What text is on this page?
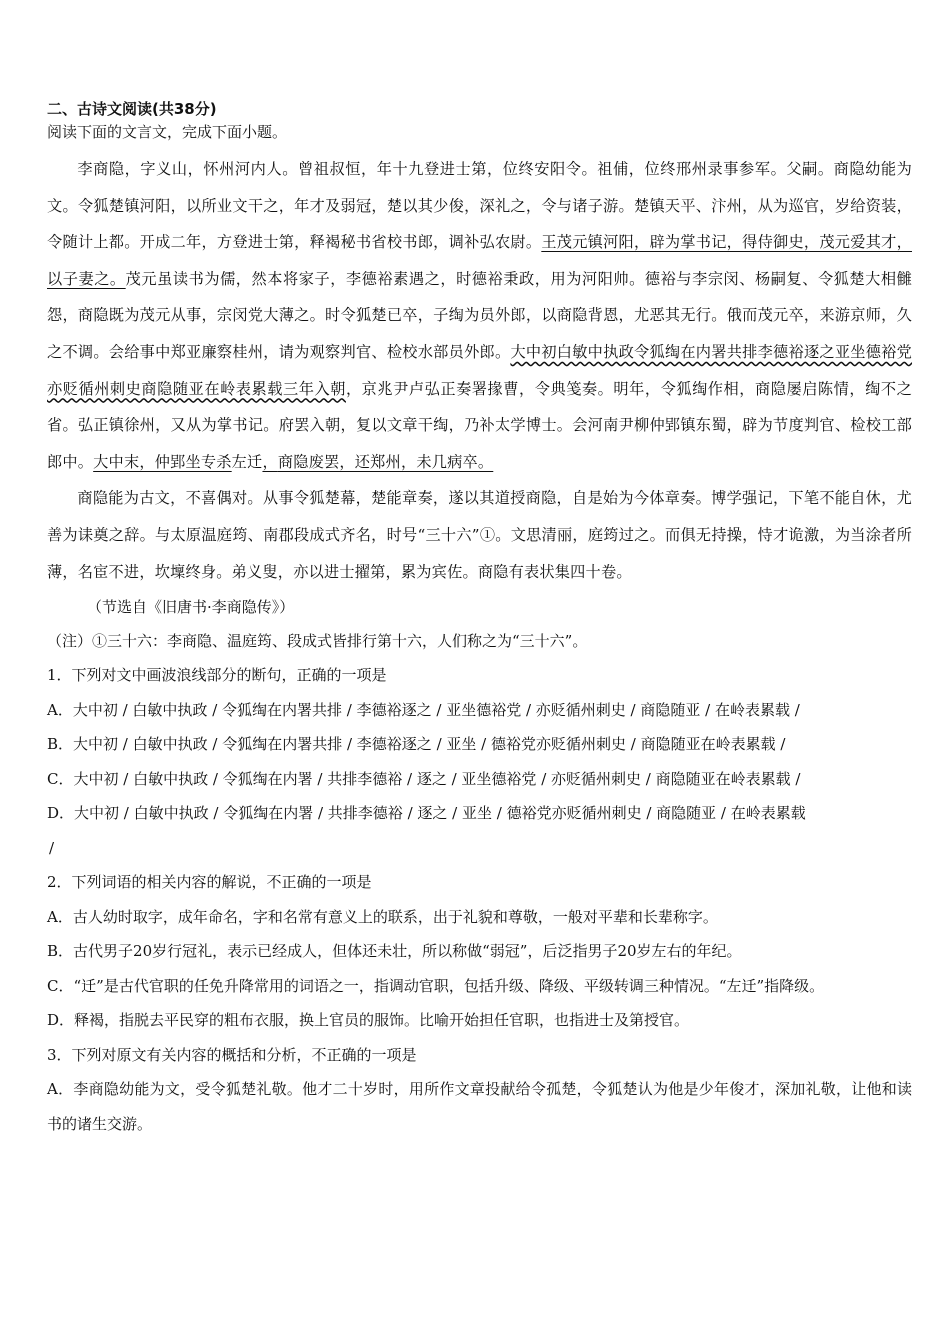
二、古诗文阅读(共38分)

阅读下面的文言文，完成下面小题。

李商隐，字义山，怀州河内人。曾祖叔恒，年十九登进士第，位终安阳令。祖俌，位终邢州录事参军。父嗣。商隐幼能为文。令狐楚镇河阳，以所业文干之，年才及弱冠，楚以其少俊，深礼之，令与诸子游。楚镇天平、汴州，从为巡官，岁给资装，令随计上都。开成二年，方登进士第，释褐秘书省校书郎，调补弘农尉。王茂元镇河阳，辟为掌书记，得侍御史，茂元爱其才，以子妻之。茂元虽读书为儒，然本将家子，李德裕素遇之，时德裕秉政，用为河阳帅。德裕与李宗闵、杨嗣复、令狐楚大相雠怨，商隐既为茂元从事，宗闵党大薄之。时令狐楚已卒，子绹为员外郎，以商隐背恩，尤恶其无行。俄而茂元卒，来游京师，久之不调。会给事中郑亚廉察桂州，请为观察判官、检校水部员外郎。大中初白敏中执政令狐绹在内署共排李德裕逐之亚坐德裕党亦贬循州刺史商隐随亚在岭表累载三年入朝，京兆尹卢弘正奏署掾曹，令典笺奏。明年，令狐绹作相，商隐屡启陈情，绹不之省。弘正镇徐州，又从为掌书记。府罢入朝，复以文章干绹，乃补太学博士。会河南尹柳仲郢镇东蜀，辟为节度判官、检校工部郎中。大中末，仲郢坐专杀左迁，商隐废罢，还郑州，未几病卒。

商隐能为古文，不喜偶对。从事令狐楚幕，楚能章奏，遂以其道授商隐，自是始为今体章奏。博学强记，下笔不能自休，尤善为诔奠之辞。与太原温庭筠、南郡段成式齐名，时号“三十六”①。文思清丽，庭筠过之。而俱无持操，恃才诡激，为当涂者所薄，名宦不进，坎壈终身。弟义叟，亦以进士擢第，累为宾佐。商隐有表状集四十卷。

（节选自《旧唐书·李商隐传》）

（注）①三十六：李商隐、温庭筠、段成式皆排行第十六，人们称之为“三十六”。

1．下列对文中画波浪线部分的断句，正确的一项是

A．大中初 / 白敏中执政 / 令狐绹在内署共排 / 李德裕逐之 / 亚坐德裕党 / 亦贬循州刺史 / 商隐随亚 / 在岭表累载 /

B．大中初 / 白敏中执政 / 令狐绹在内署共排 / 李德裕逐之 / 亚坐 / 德裕党亦贬循州刺史 / 商隐随亚在岭表累载 /

C．大中初 / 白敏中执政 / 令狐绹在内署 / 共排李德裕 / 逐之 / 亚坐德裕党 / 亦贬循州刺史 / 商隐随亚在岭表累载 /

D．大中初 / 白敏中执政 / 令狐绹在内署 / 共排李德裕 / 逐之 / 亚坐 / 德裕党亦贬循州刺史 / 商隐随亚 / 在岭表累载

/

2．下列词语的相关内容的解说，不正确的一项是

A．古人幼时取字，成年命名，字和名常有意义上的联系，出于礼貌和尊敬，一般对平辈和长辈称字。

B．古代男子20岁行冠礼，表示已经成人，但体还未壮，所以称做“弱冠”，后泛指男子20岁左右的年纪。

C．“迁”是古代官职的任免升降常用的词语之一，指调动官职，包括升级、降级、平级转调三种情况。“左迁”指降级。

D．释褐，指脱去平民穿的粗布衣服，换上官员的服饰。比喻开始担任官职，也指进士及第授官。

3．下列对原文有关内容的概括和分析，不正确的一项是

A．李商隐幼能为文，受令狐楚礼敬。他才二十岁时，用所作文章投献给令孤楚，令狐楚认为他是少年俊才，深加礼敬，让他和读书的诸生交游。
